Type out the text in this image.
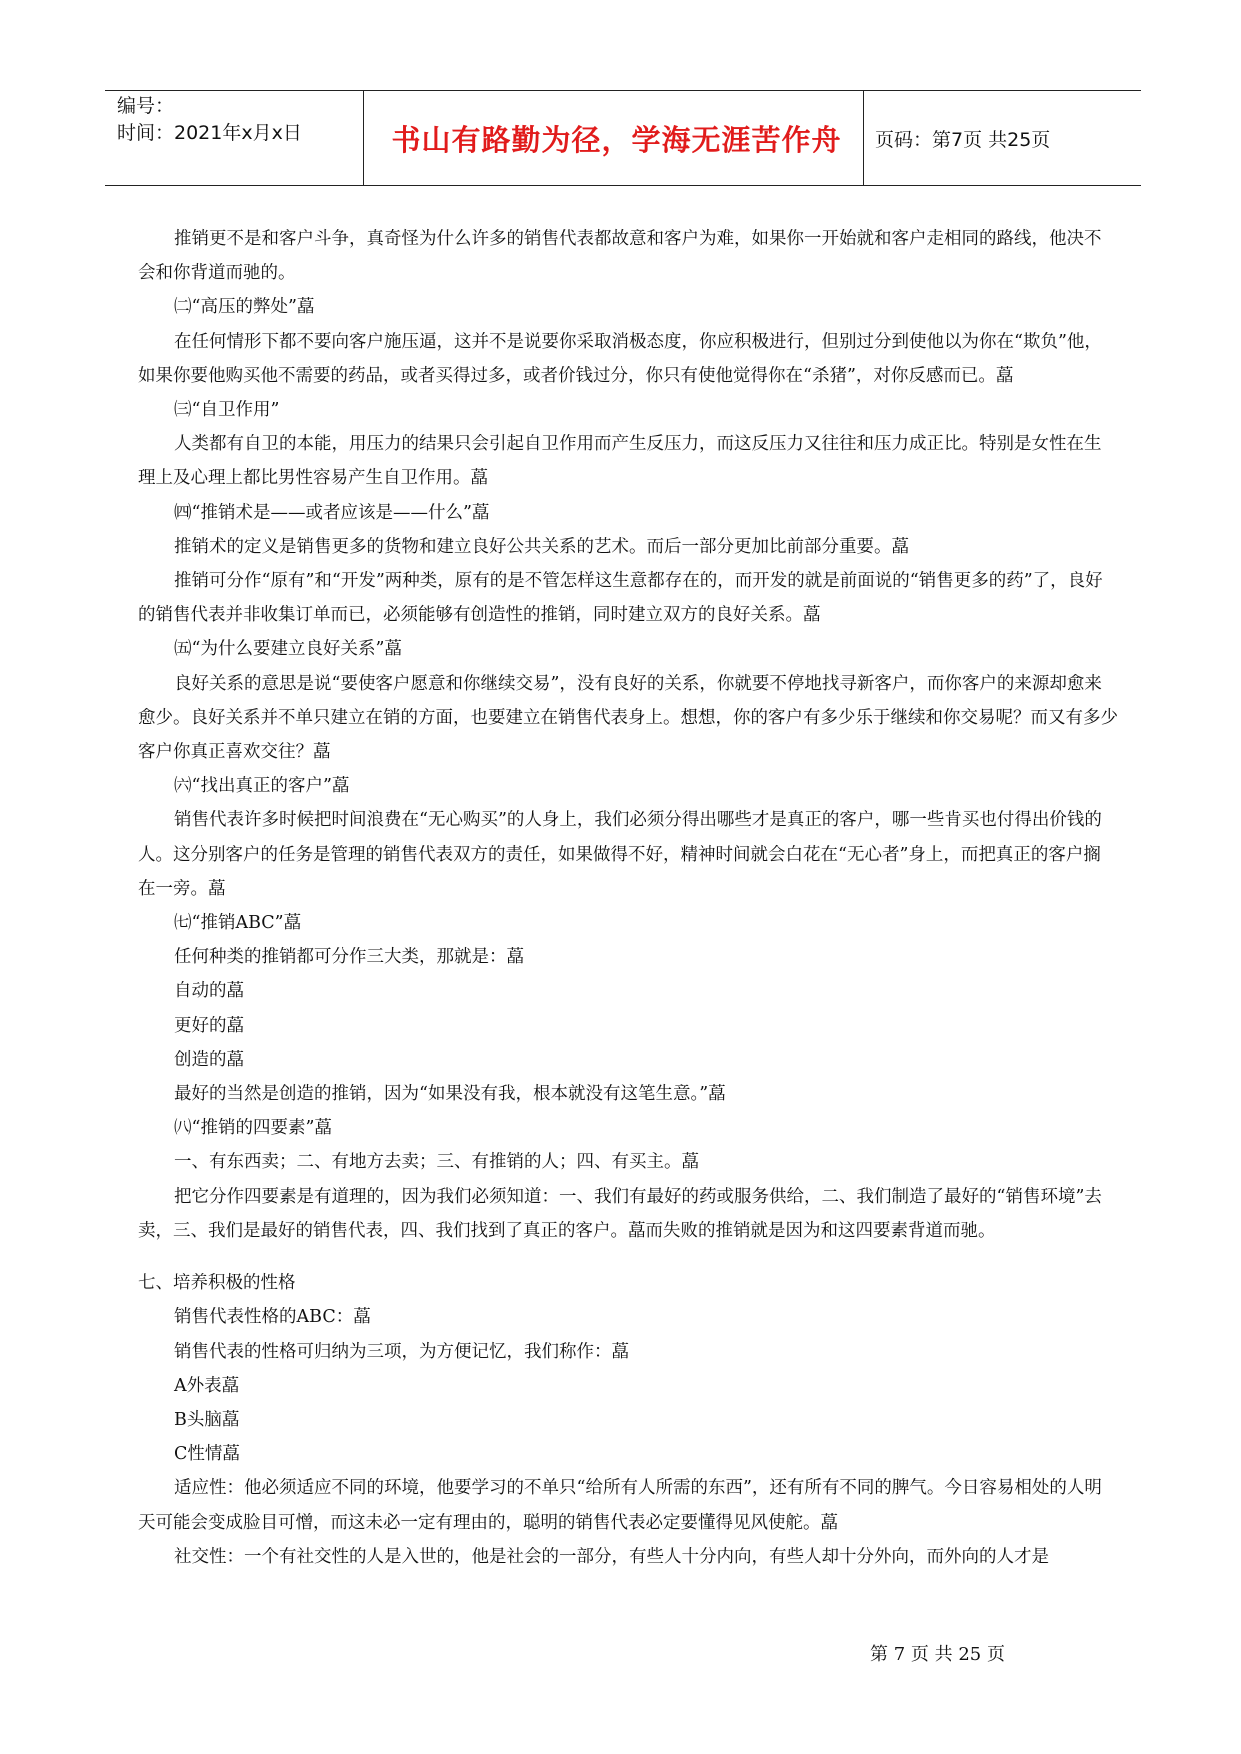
编号：
时间：2021年x月x日	书山有路勤为径，学海无涯苦作舟 页码：第7页 共25页

推销更不是和客户斗争，真奇怪为什么许多的销售代表都故意和客户为难，如果你一开始就和客户走相同的路线，他决不会和你背道而驰的。

㈡“高压的弊处”藠

在任何情形下都不要向客户施压逼，这并不是说要你采取消极态度，你应积极进行，但别过分到使他以为你在“欺负”他，如果你要他购买他不需要的药品，或者买得过多，或者价钱过分，你只有使他觉得你在“杀猪”，对你反感而已。藠

㈢“自卫作用”

人类都有自卫的本能，用压力的结果只会引起自卫作用而产生反压力，而这反压力又往往和压力成正比。特别是女性在生理上及心理上都比男性容易产生自卫作用。藠

㈣“推销术是——或者应该是——什么”藠

推销术的定义是销售更多的货物和建立良好公共关系的艺术。而后一部分更加比前部分重要。藠

推销可分作“原有”和“开发”两种类，原有的是不管怎样这生意都存在的，而开发的就是前面说的“销售更多的药”了，良好的销售代表并非收集订单而已，必须能够有创造性的推销，同时建立双方的良好关系。藠

㈤“为什么要建立良好关系”藠

良好关系的意思是说“要使客户愿意和你继续交易”，没有良好的关系，你就要不停地找寻新客户，而你客户的来源却愈来愈少。良好关系并不单只建立在销的方面，也要建立在销售代表身上。想想，你的客户有多少乐于继续和你交易呢？而又有多少客户你真正喜欢交往？藠

㈥“找出真正的客户”藠

销售代表许多时候把时间浪费在“无心购买”的人身上，我们必须分得出哪些才是真正的客户，哪一些肯买也付得出价钱的人。这分别客户的任务是管理的销售代表双方的责任，如果做得不好，精神时间就会白花在“无心者”身上，而把真正的客户搁在一旁。藠

㈦“推销ABC”藠

任何种类的推销都可分作三大类，那就是：藠

自动的藠

更好的藠

创造的藠

最好的当然是创造的推销，因为“如果没有我，根本就没有这笔生意。”藠

㈧“推销的四要素”藠

一、有东西卖；二、有地方去卖；三、有推销的人；四、有买主。藠

把它分作四要素是有道理的，因为我们必须知道：一、我们有最好的药或服务供给，二、我们制造了最好的“销售环境”去卖，三、我们是最好的销售代表，四、我们找到了真正的客户。藠而失败的推销就是因为和这四要素背道而驰。

七、培养积极的性格

销售代表性格的ABC：藠

销售代表的性格可归纳为三项，为方便记忆，我们称作：藠

A外表藠

B头脑藠

C性情藠

适应性：他必须适应不同的环境，他要学习的不单只“给所有人所需的东西”，还有所有不同的脾气。今日容易相处的人明天可能会变成脸目可憎，而这未必一定有理由的，聪明的销售代表必定要懂得见风使舵。藠

社交性：一个有社交性的人是入世的，他是社会的一部分，有些人十分内向，有些人却十分外向，而外向的人才是

第 7 页 共 25 页
